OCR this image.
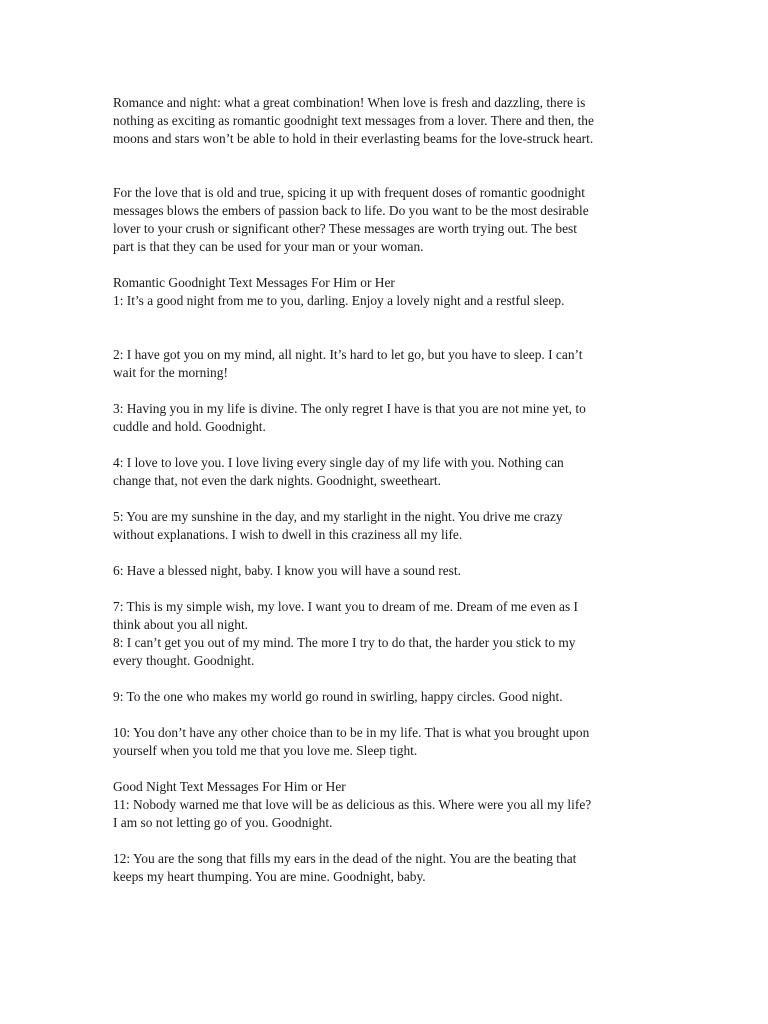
Romance and night: what a great combination! When love is fresh and dazzling, there is
nothing as exciting as romantic goodnight text messages from a lover. There and then, the
moons and stars won’t be able to hold in their everlasting beams for the love-struck heart.

For the love that is old and true, spicing it up with frequent doses of romantic goodnight
messages blows the embers of passion back to life. Do you want to be the most desirable
lover to your crush or significant other? These messages are worth trying out. The best
part is that they can be used for your man or your woman.

Romantic Goodnight Text Messages For Him or Her

1: It’s a good night from me to you, darling. Enjoy a lovely night and a restful sleep.

2: I have got you on my mind, all night. It’s hard to let go, but you have to sleep. I can’t
wait for the morning!

3: Having you in my life is divine. The only regret I have is that you are not mine yet, to
cuddle and hold. Goodnight.

4: I love to love you. I love living every single day of my life with you. Nothing can
change that, not even the dark nights. Goodnight, sweetheart.

5: You are my sunshine in the day, and my starlight in the night. You drive me crazy
without explanations. I wish to dwell in this craziness all my life.

6: Have a blessed night, baby. I know you will have a sound rest.

7: This is my simple wish, my love. I want you to dream of me. Dream of me even as I
think about you all night.

8: I can’t get you out of my mind. The more I try to do that, the harder you stick to my
every thought. Goodnight.

9: To the one who makes my world go round in swirling, happy circles. Good night.

10: You don’t have any other choice than to be in my life. That is what you brought upon
yourself when you told me that you love me. Sleep tight.

Good Night Text Messages For Him or Her

11: Nobody warned me that love will be as delicious as this. Where were you all my life?
I am so not letting go of you. Goodnight.

12: You are the song that fills my ears in the dead of the night. You are the beating that
keeps my heart thumping. You are mine. Goodnight, baby.
